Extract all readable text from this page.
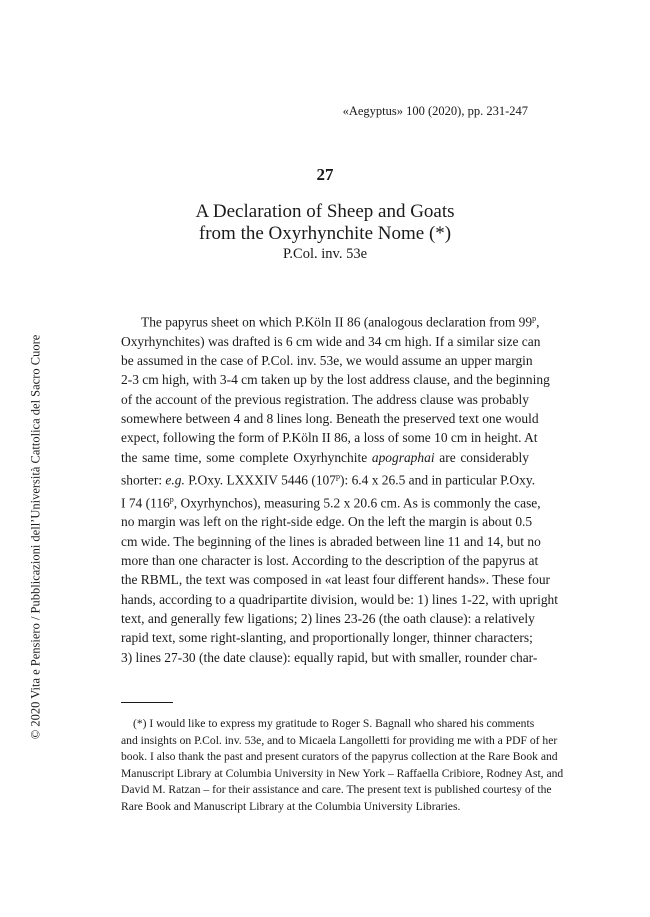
«Aegyptus» 100 (2020), pp. 231-247
27
A Declaration of Sheep and Goats
from the Oxyrhynchite Nome (*)
P.Col. inv. 53e
© 2020 Vita e Pensiero / Pubblicazioni dell’Università Cattolica del Sacro Cuore
The papyrus sheet on which P.Köln II 86 (analogous declaration from 99$^p$,
Oxyrhynchites) was drafted is 6 cm wide and 34 cm high. If a similar size can
be assumed in the case of P.Col. inv. 53e, we would assume an upper margin
2-3 cm high, with 3-4 cm taken up by the lost address clause, and the beginning
of the account of the previous registration. The address clause was probably
somewhere between 4 and 8 lines long. Beneath the preserved text one would
expect, following the form of P.Köln II 86, a loss of some 10 cm in height. At
the same time, some complete Oxyrhynchite apographai are considerably
shorter: e.g. P.Oxy. LXXXIV 5446 (107$^p$): 6.4 x 26.5 and in particular P.Oxy.
I 74 (116$^p$, Oxyrhynchos), measuring 5.2 x 20.6 cm. As is commonly the case,
no margin was left on the right-side edge. On the left the margin is about 0.5
cm wide. The beginning of the lines is abraded between line 11 and 14, but no
more than one character is lost. According to the description of the papyrus at
the RBML, the text was composed in «at least four different hands». These four
hands, according to a quadripartite division, would be: 1) lines 1-22, with upright
text, and generally few ligations; 2) lines 23-26 (the oath clause): a relatively
rapid text, some right-slanting, and proportionally longer, thinner characters;
3) lines 27-30 (the date clause): equally rapid, but with smaller, rounder char-
(*) I would like to express my gratitude to Roger S. Bagnall who shared his comments
and insights on P.Col. inv. 53e, and to Micaela Langolletti for providing me with a PDF of her
book. I also thank the past and present curators of the papyrus collection at the Rare Book and
Manuscript Library at Columbia University in New York – Raffaella Cribiore, Rodney Ast, and
David M. Ratzan – for their assistance and care. The present text is published courtesy of the
Rare Book and Manuscript Library at the Columbia University Libraries.
